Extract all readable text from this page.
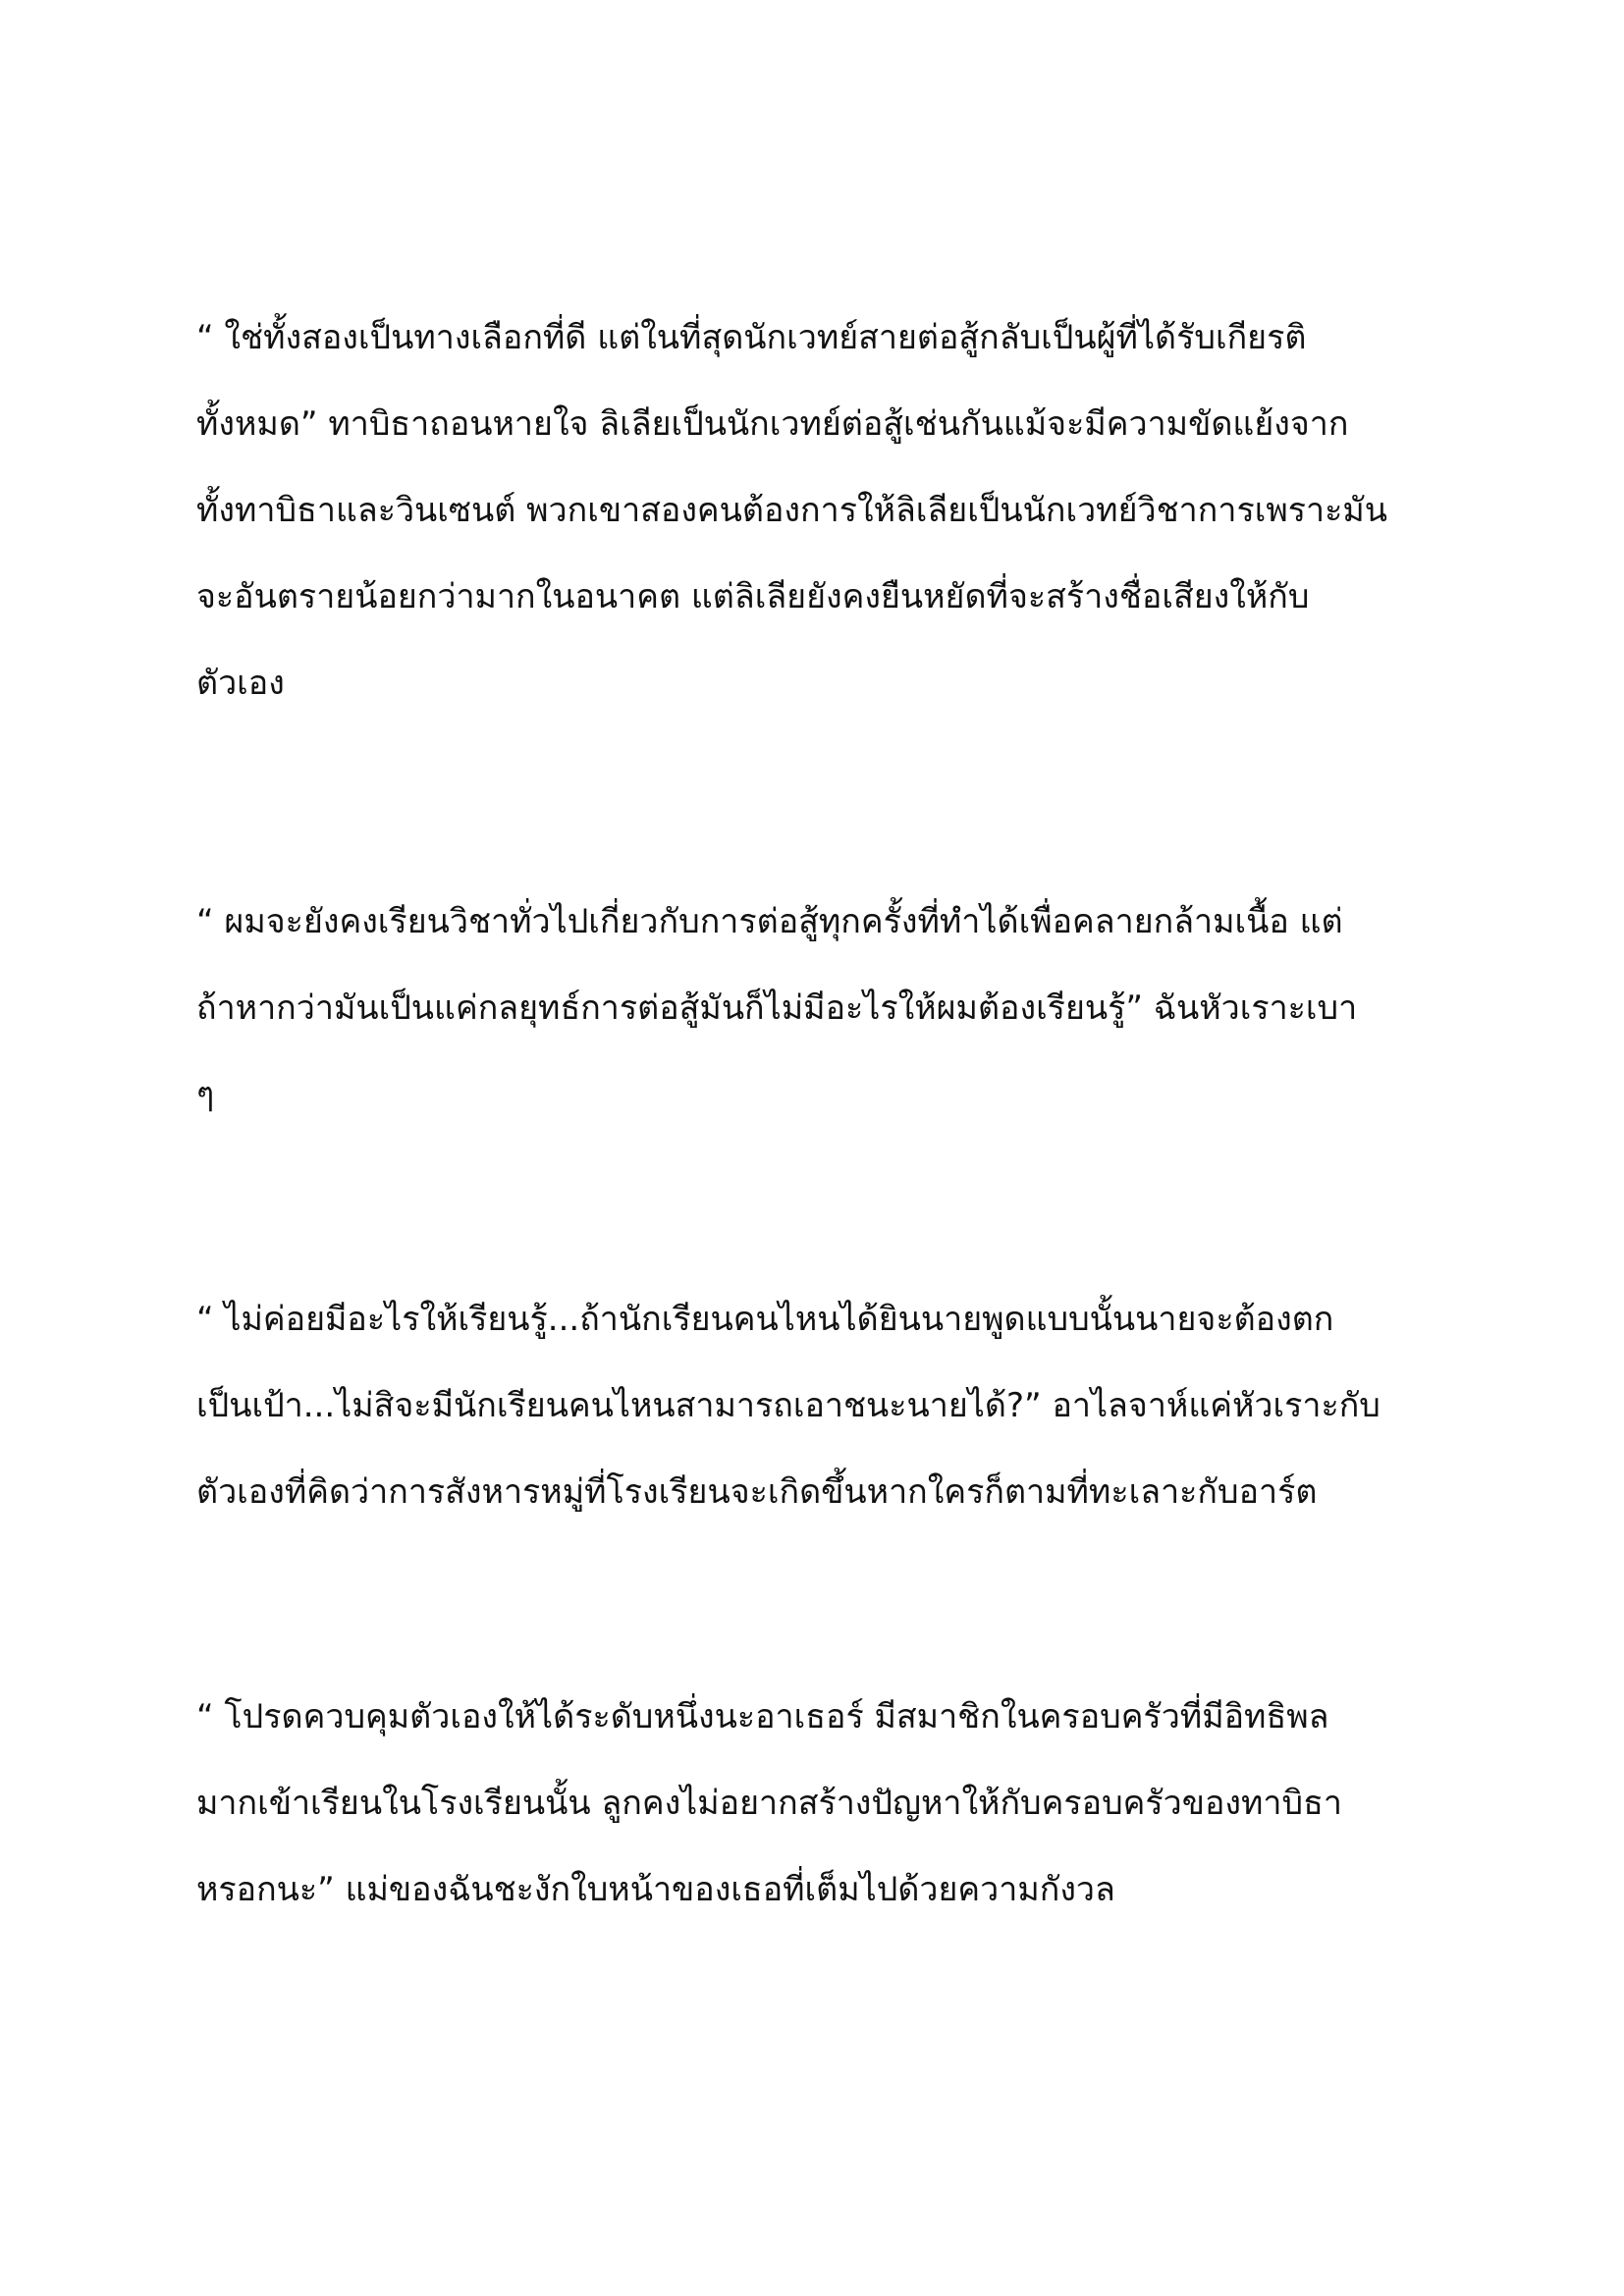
“ ใช่ทั้งสองเป็นทางเลือกที่ดี แต่ในที่สุดนักเวทย์สายต่อสู้กลับเป็นผู้ที่ได้รับเกียรติ
ทั้งหมด” ทาบิธาถอนหายใจ ลิเลียเป็นนักเวทย์ต่อสู้เช่นกันแม้จะมีความขัดแย้งจาก
ทั้งทาบิธาและวินเซนต์ พวกเขาสองคนต้องการให้ลิเลียเป็นนักเวทย์วิชาการเพราะมัน
จะอันตรายน้อยกว่ามากในอนาคต แต่ลิเลียยังคงยืนหยัดที่จะสร้างชื่อเสียงให้กับ
ตัวเอง

“ ผมจะยังคงเรียนวิชาทั่วไปเกี่ยวกับการต่อสู้ทุกครั้งที่ทำได้เพื่อคลายกล้ามเนื้อ แต่
ถ้าหากว่ามันเป็นแค่กลยุทธ์การต่อสู้มันก็ไม่มีอะไรให้ผมต้องเรียนรู้” ฉันหัวเราะเบา
ๆ

“ ไม่ค่อยมีอะไรให้เรียนรู้...ถ้านักเรียนคนไหนได้ยินนายพูดแบบนั้นนายจะต้องตก
เป็นเป้า...ไม่สิจะมีนักเรียนคนไหนสามารถเอาชนะนายได้?” อาไลจาห์แค่หัวเราะกับ
ตัวเองที่คิดว่าการสังหารหมู่ที่โรงเรียนจะเกิดขึ้นหากใครก็ตามที่ทะเลาะกับอาร์ต

“ โปรดควบคุมตัวเองให้ได้ระดับหนึ่งนะอาเธอร์ มีสมาชิกในครอบครัวที่มีอิทธิพล
มากเข้าเรียนในโรงเรียนนั้น ลูกคงไม่อยากสร้างปัญหาให้กับครอบครัวของทาบิธา
หรอกนะ” แม่ของฉันชะงักใบหน้าของเธอที่เต็มไปด้วยความกังวล
